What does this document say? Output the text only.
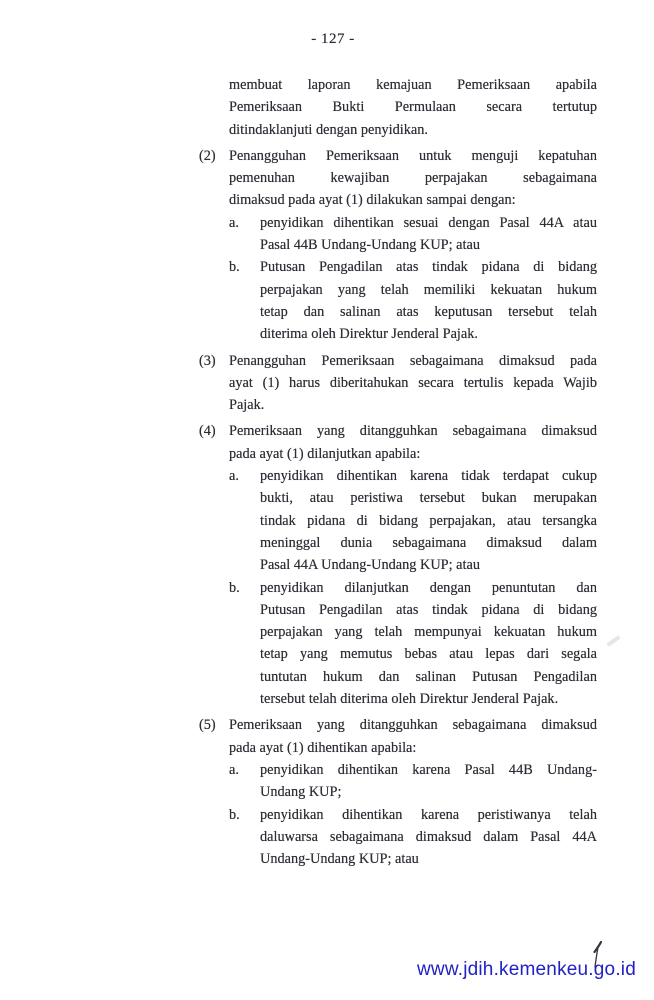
- 127 -
membuat laporan kemajuan Pemeriksaan apabila
Pemeriksaan Bukti Permulaan secara tertutup
ditindaklanjuti dengan penyidikan.
(2) Penangguhan Pemeriksaan untuk menguji kepatuhan
pemenuhan kewajiban perpajakan sebagaimana
dimaksud pada ayat (1) dilakukan sampai dengan:
a. penyidikan dihentikan sesuai dengan Pasal 44A atau
Pasal 44B Undang-Undang KUP; atau
b. Putusan Pengadilan atas tindak pidana di bidang
perpajakan yang telah memiliki kekuatan hukum
tetap dan salinan atas keputusan tersebut telah
diterima oleh Direktur Jenderal Pajak.
(3) Penangguhan Pemeriksaan sebagaimana dimaksud pada
ayat (1) harus diberitahukan secara tertulis kepada Wajib
Pajak.
(4) Pemeriksaan yang ditangguhkan sebagaimana dimaksud
pada ayat (1) dilanjutkan apabila:
a. penyidikan dihentikan karena tidak terdapat cukup
bukti, atau peristiwa tersebut bukan merupakan
tindak pidana di bidang perpajakan, atau tersangka
meninggal dunia sebagaimana dimaksud dalam
Pasal 44A Undang-Undang KUP; atau
b. penyidikan dilanjutkan dengan penuntutan dan
Putusan Pengadilan atas tindak pidana di bidang
perpajakan yang telah mempunyai kekuatan hukum
tetap yang memutus bebas atau lepas dari segala
tuntutan hukum dan salinan Putusan Pengadilan
tersebut telah diterima oleh Direktur Jenderal Pajak.
(5) Pemeriksaan yang ditangguhkan sebagaimana dimaksud
pada ayat (1) dihentikan apabila:
a. penyidikan dihentikan karena Pasal 44B Undang-
Undang KUP;
b. penyidikan dihentikan karena peristiwanya telah
daluwarsa sebagaimana dimaksud dalam Pasal 44A
Undang-Undang KUP; atau
www.jdih.kemenkeu.go.id
